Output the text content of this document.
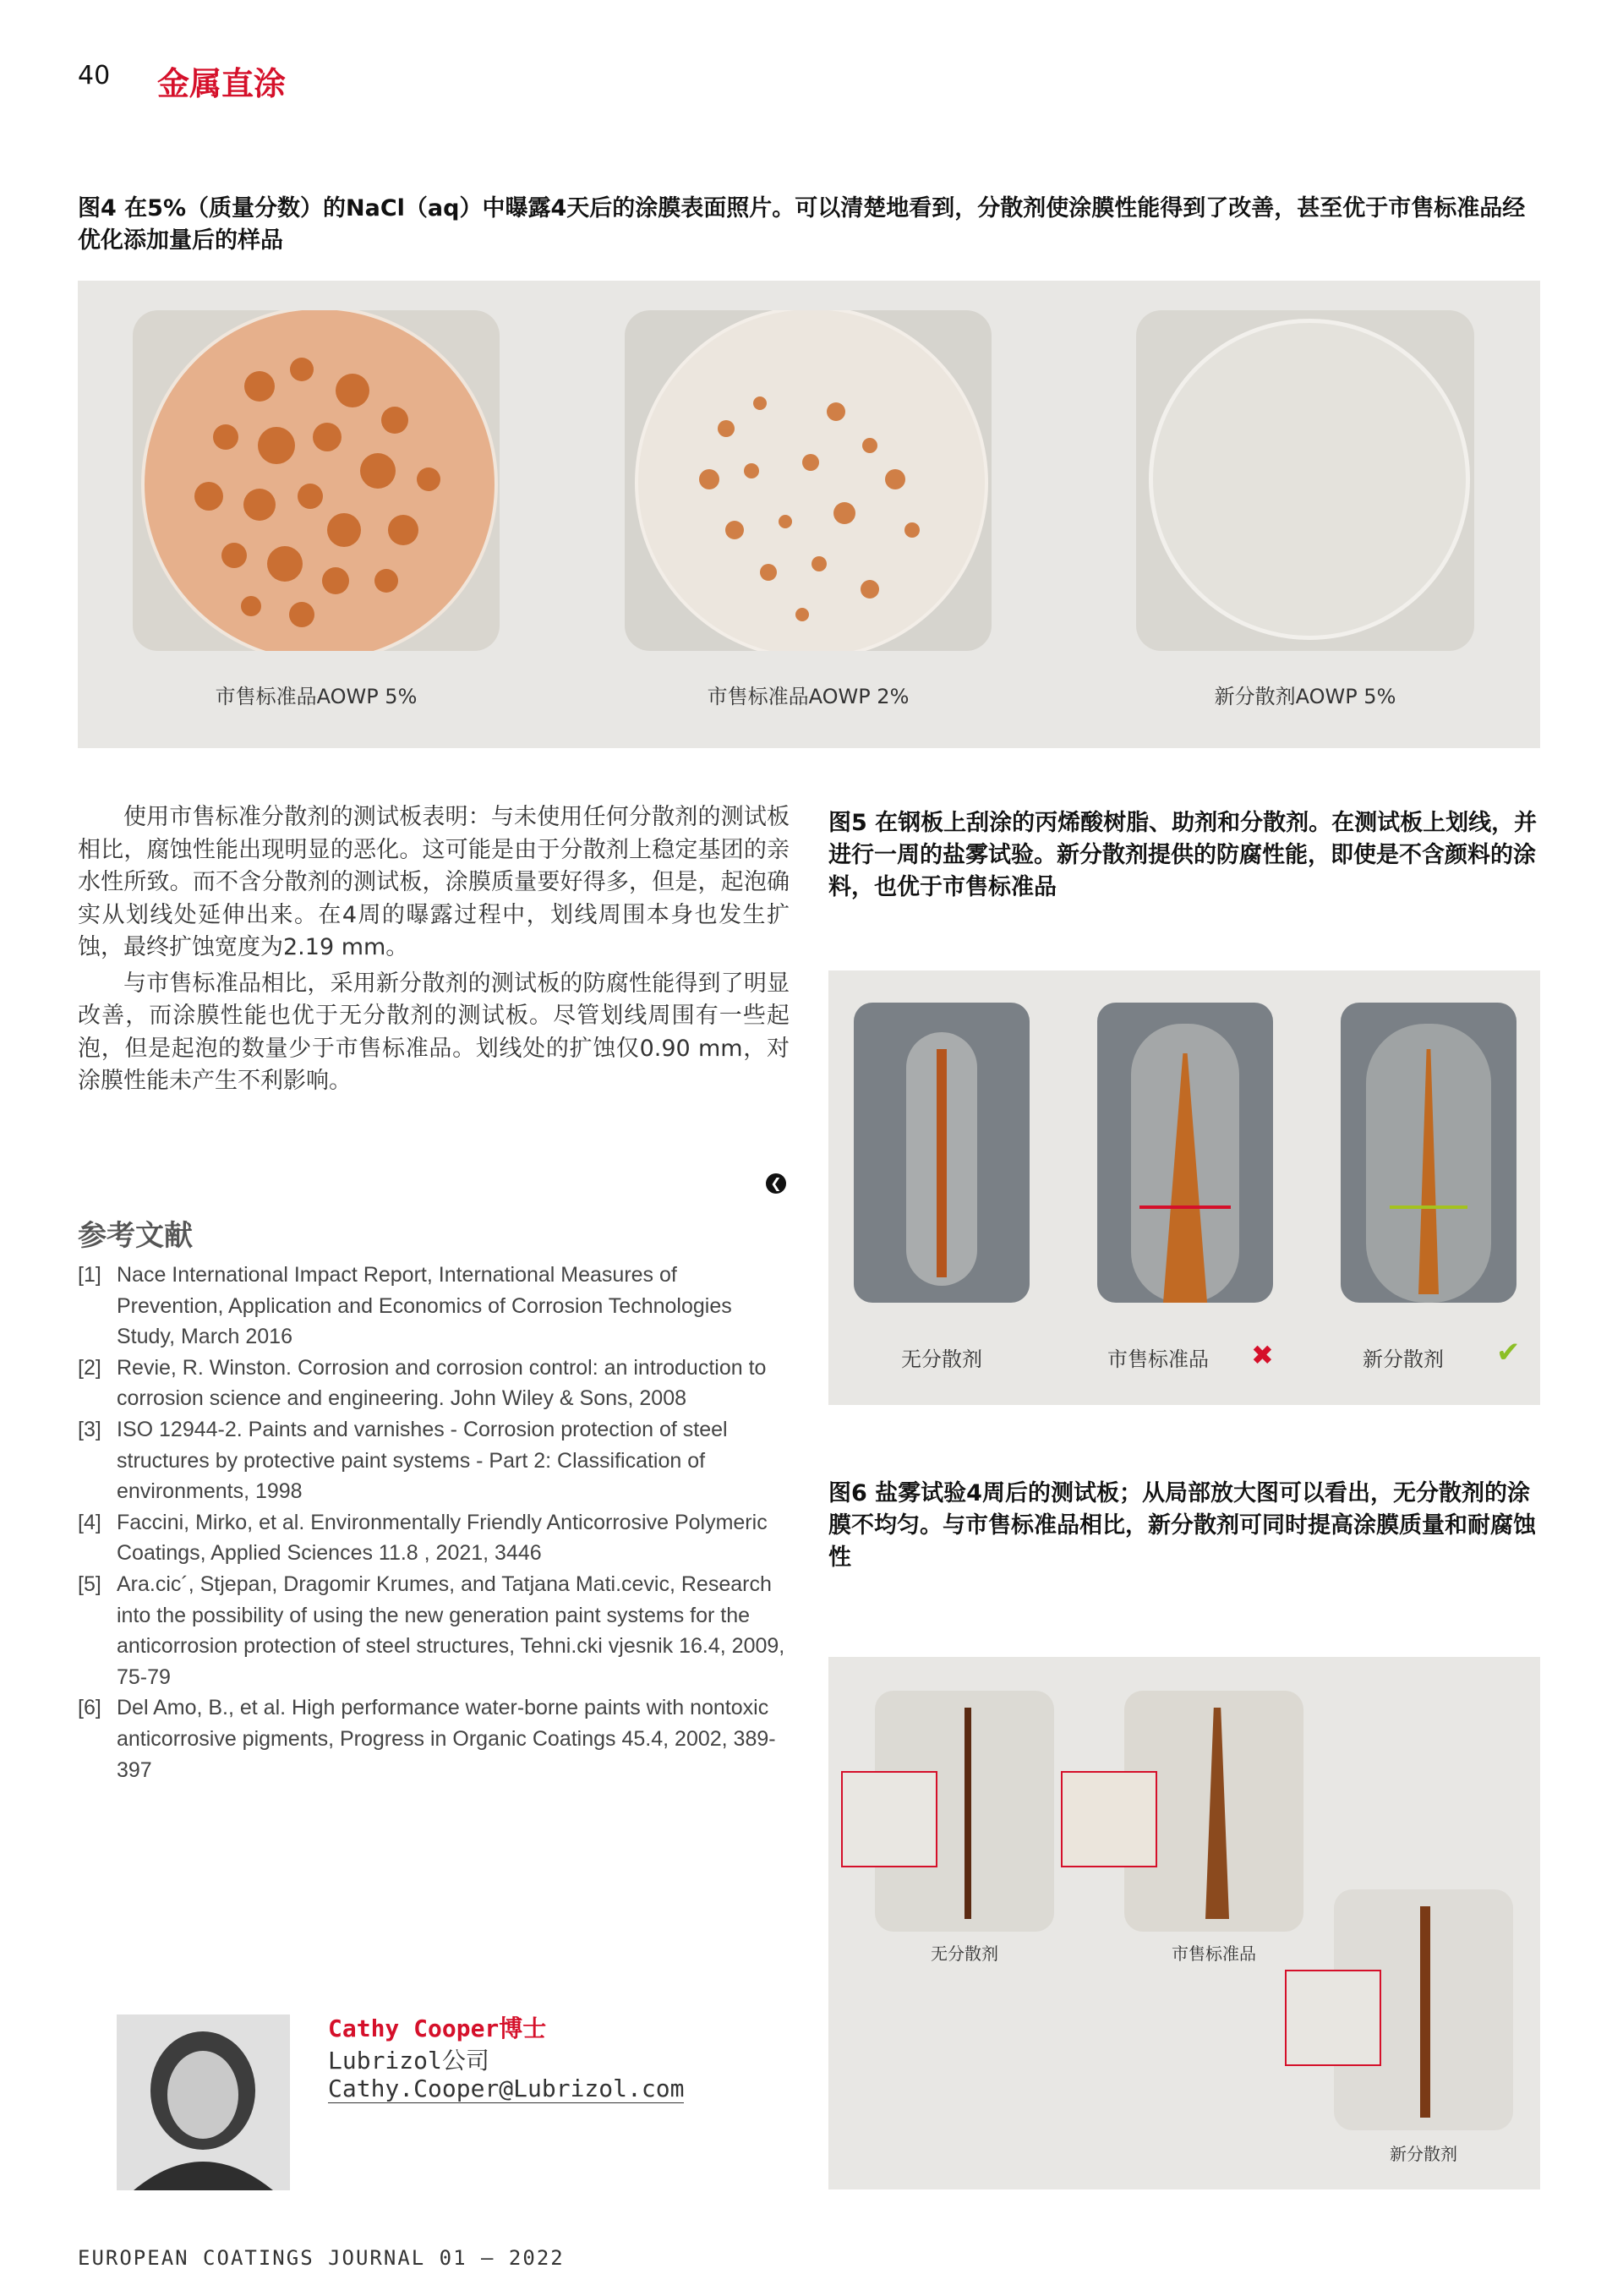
40 金属直涂
图4 在5%（质量分数）的NaCl（aq）中曝露4天后的涂膜表面照片。可以清楚地看到，分散剂使涂膜性能得到了改善，甚至优于市售标准品经优化添加量后的样品
市售标准品AOWP 5%	市售标准品AOWP 2%	新分散剂AOWP 5%

使用市售标准分散剂的测试板表明：与未使用任何分散剂的测试板相比，腐蚀性能出现明显的恶化。这可能是由于分散剂上稳定基团的亲水性所致。而不含分散剂的测试板，涂膜质量要好得多，但是，起泡确实从划线处延伸出来。在4周的曝露过程中，划线周围本身也发生扩蚀，最终扩蚀宽度为2.19 mm。

与市售标准品相比，采用新分散剂的测试板的防腐性能得到了明显改善，而涂膜性能也优于无分散剂的测试板。尽管划线周围有一些起泡，但是起泡的数量少于市售标准品。划线处的扩蚀仅0.90 mm，对涂膜性能未产生不利影响。

❮
参考文献
[1] Nace International Impact Report, International Measures of Prevention, Application and Economics of Corrosion Technologies Study, March 2016
[2] Revie, R. Winston. Corrosion and corrosion control: an introduction to corrosion science and engineering. John Wiley & Sons, 2008
[3] ISO 12944-2. Paints and varnishes - Corrosion protection of steel structures by protective paint systems - Part 2: Classification of environments, 1998
[4] Faccini, Mirko, et al. Environmentally Friendly Anticorrosive Polymeric Coatings, Applied Sciences 11.8 , 2021, 3446
[5] Ara.cic´, Stjepan, Dragomir Krumes, and Tatjana Mati.cevic, Research into the possibility of using the new generation paint systems for the anticorrosion protection of steel structures, Tehni.cki vjesnik 16.4, 2009, 75-79
[6] Del Amo, B., et al. High performance water-borne paints with nontoxic anticorrosive pigments, Progress in Organic Coatings 45.4, 2002, 389-397
图5 在钢板上刮涂的丙烯酸树脂、助剂和分散剂。在测试板上划线，并进行一周的盐雾试验。新分散剂提供的防腐性能，即使是不含颜料的涂料，也优于市售标准品
无分散剂	市售标准品	✖	新分散剂	✔
图6 盐雾试验4周后的测试板；从局部放大图可以看出，无分散剂的涂膜不均匀。与市售标准品相比，新分散剂可同时提高涂膜质量和耐腐蚀性
无分散剂	市售标准品
新分散剂
Cathy Cooper博士
Lubrizol公司
Cathy.Cooper@Lubrizol.com
EUROPEAN COATINGS JOURNAL 01 – 2022
